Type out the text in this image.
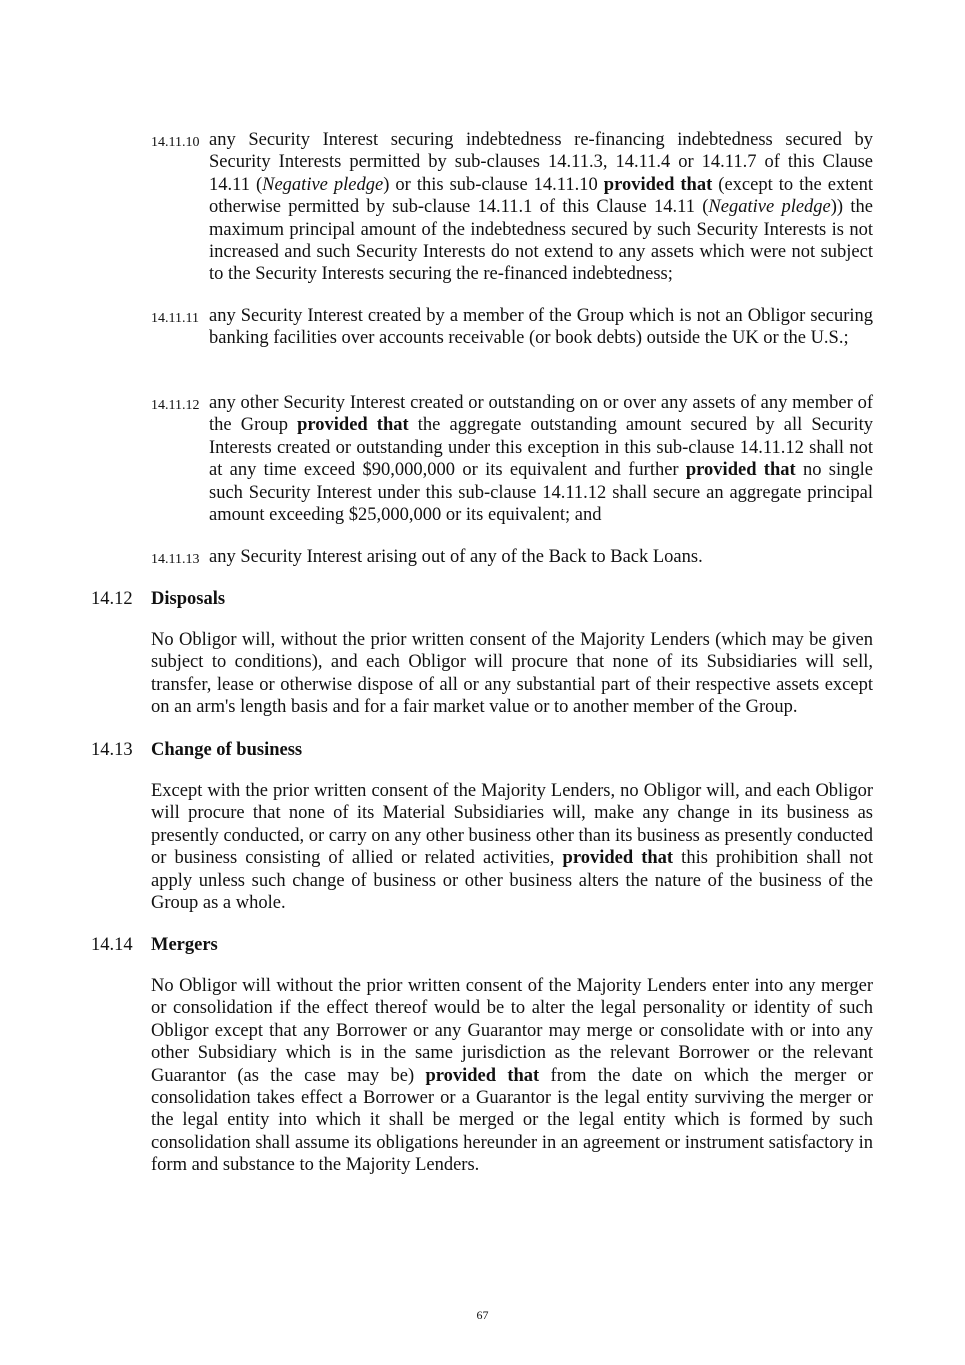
14.11.10 any Security Interest securing indebtedness re-financing indebtedness secured by Security Interests permitted by sub-clauses 14.11.3, 14.11.4 or 14.11.7 of this Clause 14.11 (Negative pledge) or this sub-clause 14.11.10 provided that (except to the extent otherwise permitted by sub-clause 14.11.1 of this Clause 14.11 (Negative pledge)) the maximum principal amount of the indebtedness secured by such Security Interests is not increased and such Security Interests do not extend to any assets which were not subject to the Security Interests securing the re-financed indebtedness;
14.11.11 any Security Interest created by a member of the Group which is not an Obligor securing banking facilities over accounts receivable (or book debts) outside the UK or the U.S.;
14.11.12 any other Security Interest created or outstanding on or over any assets of any member of the Group provided that the aggregate outstanding amount secured by all Security Interests created or outstanding under this exception in this sub-clause 14.11.12 shall not at any time exceed $90,000,000 or its equivalent and further provided that no single such Security Interest under this sub-clause 14.11.12 shall secure an aggregate principal amount exceeding $25,000,000 or its equivalent; and
14.11.13 any Security Interest arising out of any of the Back to Back Loans.
14.12 Disposals
No Obligor will, without the prior written consent of the Majority Lenders (which may be given subject to conditions), and each Obligor will procure that none of its Subsidiaries will sell, transfer, lease or otherwise dispose of all or any substantial part of their respective assets except on an arm's length basis and for a fair market value or to another member of the Group.
14.13 Change of business
Except with the prior written consent of the Majority Lenders, no Obligor will, and each Obligor will procure that none of its Material Subsidiaries will, make any change in its business as presently conducted, or carry on any other business other than its business as presently conducted or business consisting of allied or related activities, provided that this prohibition shall not apply unless such change of business or other business alters the nature of the business of the Group as a whole.
14.14 Mergers
No Obligor will without the prior written consent of the Majority Lenders enter into any merger or consolidation if the effect thereof would be to alter the legal personality or identity of such Obligor except that any Borrower or any Guarantor may merge or consolidate with or into any other Subsidiary which is in the same jurisdiction as the relevant Borrower or the relevant Guarantor (as the case may be) provided that from the date on which the merger or consolidation takes effect a Borrower or a Guarantor is the legal entity surviving the merger or the legal entity into which it shall be merged or the legal entity which is formed by such consolidation shall assume its obligations hereunder in an agreement or instrument satisfactory in form and substance to the Majority Lenders.
67
